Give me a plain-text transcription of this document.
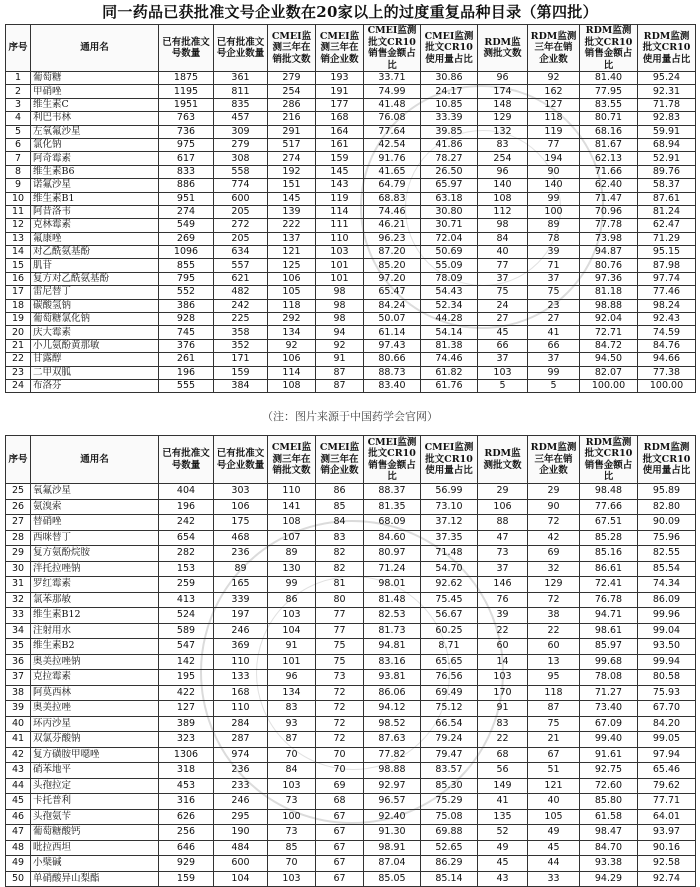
同一药品已获批准文号企业数在20家以上的过度重复品种目录（第四批）
序号	通用名	已有批准文号数量	已有批准文号企业数量	CMEI监测三年在销批文数	CMEI监测三年在销企业数	CMEI监测批文CR10销售金额占比	CMEI监测批文CR10使用量占比	RDM监测批文数	RDM监测三年在销企业数	RDM监测批文CR10销售金额占比	RDM监测批文CR10使用量占比
1	葡萄糖	1875	361	279	193	33.71	30.86	96	92	81.40	95.24
2	甲硝唑	1195	811	254	191	74.99	24.17	174	162	77.95	92.31
3	维生素C	1951	835	286	177	41.48	10.85	148	127	83.55	71.78
4	利巴韦林	763	457	216	168	76.08	33.39	129	118	80.71	92.83
5	左氧氟沙星	736	309	291	164	77.64	39.85	132	119	68.16	59.91
6	氯化钠	975	279	517	161	42.54	41.86	83	77	81.67	68.94
7	阿奇霉素	617	308	274	159	91.76	78.27	254	194	62.13	52.91
8	维生素B6	833	558	192	145	41.65	26.50	96	90	71.66	89.76
9	诺氟沙星	886	774	151	143	64.79	65.97	140	140	62.40	58.37
10	维生素B1	951	600	145	119	68.83	63.18	108	99	71.47	87.61
11	阿昔洛韦	274	205	139	114	74.46	30.80	112	100	70.96	81.24
12	克林霉素	549	272	222	111	46.21	30.71	98	89	77.78	62.47
13	氟康唑	269	205	137	110	96.23	72.04	84	78	73.98	71.29
14	对乙酰氨基酚	1096	634	121	103	87.20	50.69	40	39	94.87	95.15
15	肌苷	855	557	125	101	85.20	55.09	77	71	80.76	87.98
16	复方对乙酰氨基酚	795	621	106	101	97.20	78.09	37	37	97.36	97.74
17	雷尼替丁	552	482	105	98	65.47	54.43	75	75	81.18	77.46
18	碳酸氢钠	386	242	118	98	84.24	52.34	24	23	98.88	98.24
19	葡萄糖氯化钠	928	225	292	98	50.07	44.28	27	27	92.04	92.43
20	庆大霉素	745	358	134	94	61.14	54.14	45	41	72.71	74.59
21	小儿氨酚黄那敏	376	352	92	92	97.43	81.38	66	66	84.72	84.76
22	甘露醇	261	171	106	91	80.66	74.46	37	37	94.50	94.66
23	二甲双胍	196	159	114	87	88.73	61.82	103	99	82.07	77.38
24	布洛芬	555	384	108	87	83.40	61.76	5	5	100.00	100.00
（注：图片来源于中国药学会官网）
序号	通用名	已有批准文号数量	已有批准文号企业数量	CMEI监测三年在销批文数	CMEI监测三年在销企业数	CMEI监测批文CR10销售金额占比	CMEI监测批文CR10使用量占比	RDM监测批文数	RDM监测三年在销企业数	RDM监测批文CR10销售金额占比	RDM监测批文CR10使用量占比
25	氧氟沙星	404	303	110	86	88.37	56.99	29	29	98.48	95.89
26	氨溴索	196	106	141	85	81.35	73.10	106	90	77.66	82.80
27	替硝唑	242	175	108	84	68.09	37.12	88	72	67.51	90.09
28	西咪替丁	654	468	107	83	84.60	37.35	47	42	85.28	75.96
29	复方氨酚烷胺	282	236	89	82	80.97	71.48	73	69	85.16	82.55
30	泮托拉唑钠	153	89	130	82	71.24	54.70	37	32	86.61	85.54
31	罗红霉素	259	165	99	81	98.01	92.62	146	129	72.41	74.34
32	氯苯那敏	413	339	86	80	81.48	75.45	76	72	76.78	86.09
33	维生素B12	524	197	103	77	82.53	56.67	39	38	94.71	99.96
34	注射用水	589	246	104	77	81.73	60.25	22	22	98.61	99.04
35	维生素B2	547	369	91	75	94.81	8.71	60	60	85.97	93.50
36	奥美拉唑钠	142	110	101	75	83.16	65.65	14	13	99.68	99.94
37	克拉霉素	195	133	96	73	93.81	76.56	103	95	78.08	80.58
38	阿莫西林	422	168	134	72	86.06	69.49	170	118	71.27	75.93
39	奥美拉唑	127	110	83	72	94.12	75.12	91	87	73.40	67.70
40	环丙沙星	389	284	93	72	98.52	66.54	83	75	67.09	84.20
41	双氯芬酸钠	323	287	87	72	87.63	79.24	22	21	99.40	99.05
42	复方磺胺甲噁唑	1306	974	70	70	77.82	79.47	68	67	91.61	97.94
43	硝苯地平	318	236	84	70	98.88	83.57	56	51	92.75	65.46
44	头孢拉定	453	233	103	69	92.97	85.30	149	121	72.60	79.62
45	卡托普利	316	246	73	68	96.57	75.29	41	40	85.80	77.71
46	头孢氨苄	626	295	100	67	92.40	75.08	135	105	61.58	64.01
47	葡萄糖酸钙	256	190	73	67	91.30	69.88	52	49	98.47	93.97
48	吡拉西坦	646	484	85	67	98.91	52.65	49	45	84.70	90.16
49	小檗碱	929	600	70	67	87.04	86.29	45	44	93.38	92.58
50	单硝酸异山梨酯	159	104	103	67	85.05	85.14	43	33	94.29	92.74
